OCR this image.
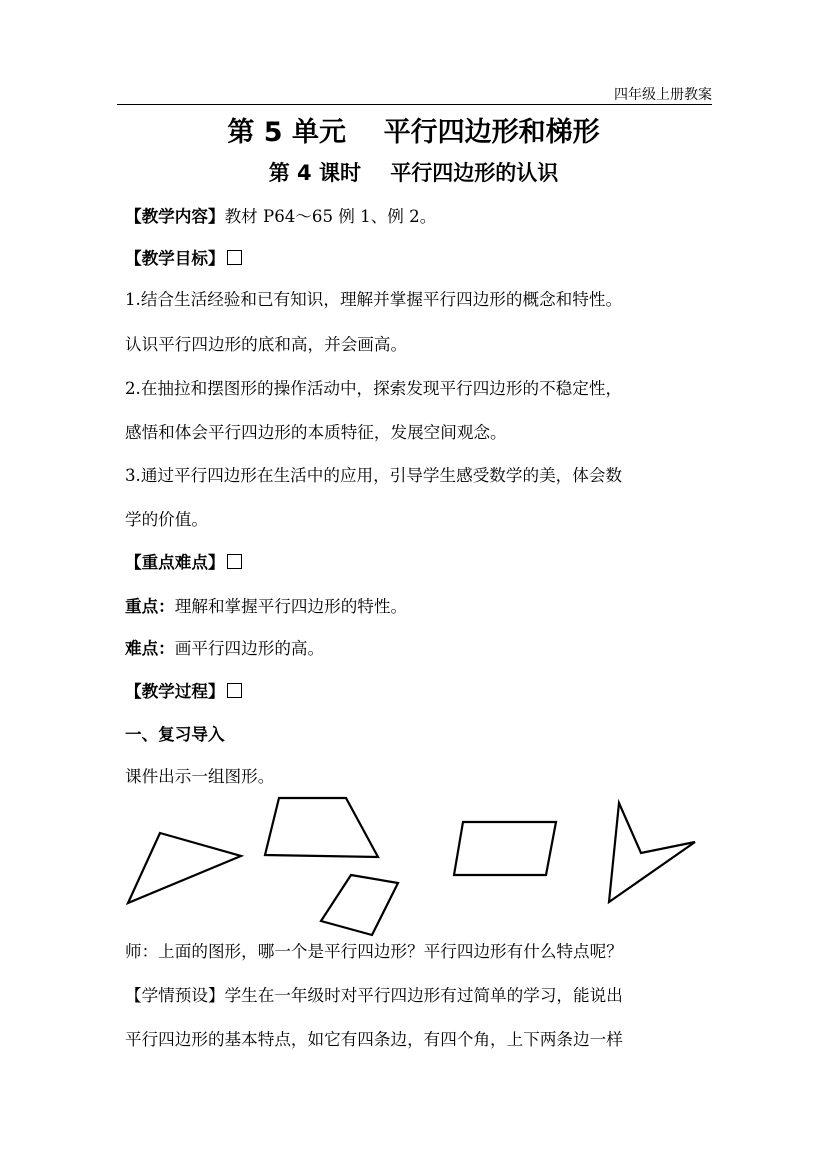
四年级上册教案
第 5 单元    平行四边形和梯形
第 4 课时    平行四边形的认识
【教学内容】教材 P64～65 例 1、例 2。
【教学目标】
1.结合生活经验和已有知识，理解并掌握平行四边形的概念和特性。
认识平行四边形的底和高，并会画高。
2.在抽拉和摆图形的操作活动中，探索发现平行四边形的不稳定性，
感悟和体会平行四边形的本质特征，发展空间观念。
3.通过平行四边形在生活中的应用，引导学生感受数学的美，体会数
学的价值。
【重点难点】
重点：理解和掌握平行四边形的特性。
难点：画平行四边形的高。
【教学过程】
一、复习导入
课件出示一组图形。
师：上面的图形，哪一个是平行四边形？平行四边形有什么特点呢？
【学情预设】学生在一年级时对平行四边形有过简单的学习，能说出
平行四边形的基本特点，如它有四条边，有四个角，上下两条边一样
